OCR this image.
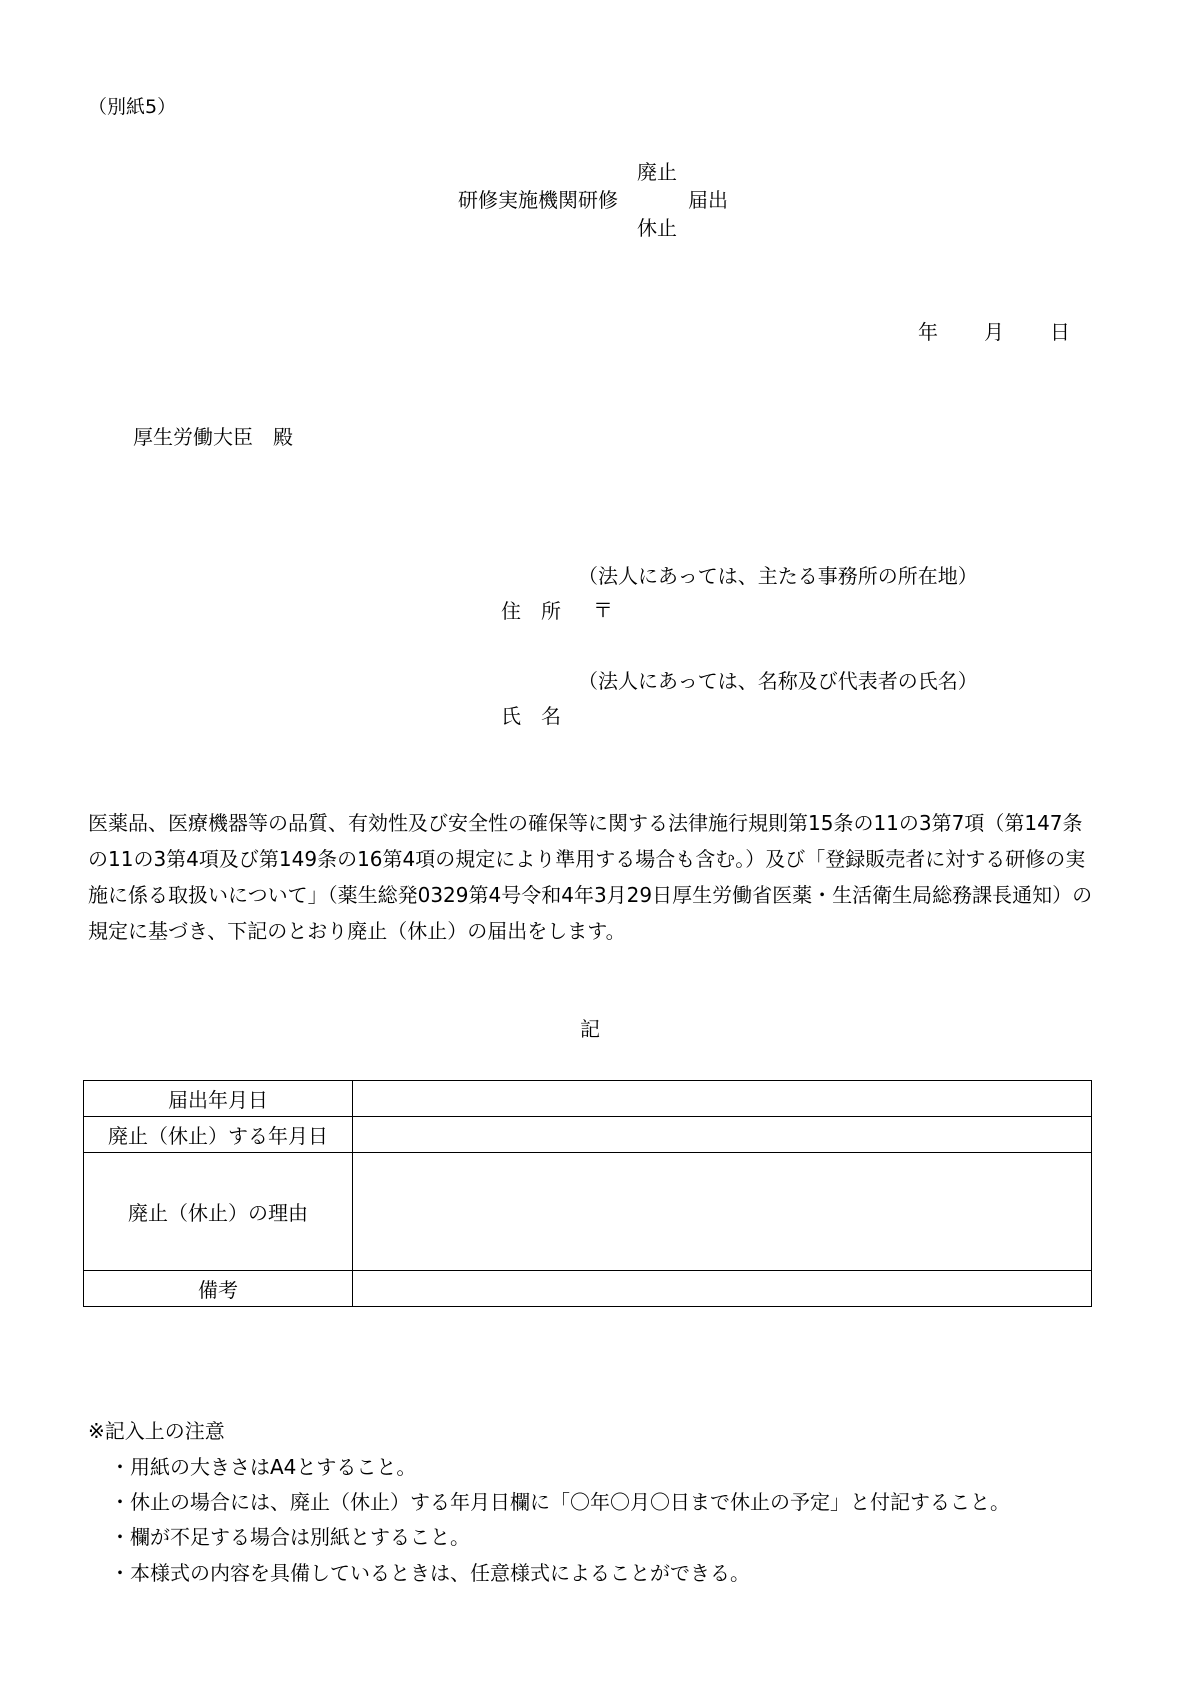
（別紙5）
廃止
研修実施機関研修	届出
休止
年 月 日
厚生労働大臣　殿
（法人にあっては、主たる事務所の所在地）
住　所 〒
（法人にあっては、名称及び代表者の氏名）
氏　名
医薬品、医療機器等の品質、有効性及び安全性の確保等に関する法律施行規則第15条の11の3第7項（第147条の11の3第4項及び第149条の16第4項の規定により準用する場合も含む。）及び「登録販売者に対する研修の実施に係る取扱いについて」（薬生総発0329第4号令和4年3月29日厚生労働省医薬・生活衛生局総務課長通知）の規定に基づき、下記のとおり廃止（休止）の届出をします。
記
届出年月日	
廃止（休止）する年月日	
廃止（休止）の理由	
備考	
※記入上の注意
・用紙の大きさはA4とすること。
・休止の場合には、廃止（休止）する年月日欄に「〇年〇月〇日まで休止の予定」と付記すること。
・欄が不足する場合は別紙とすること。
・本様式の内容を具備しているときは、任意様式によることができる。
